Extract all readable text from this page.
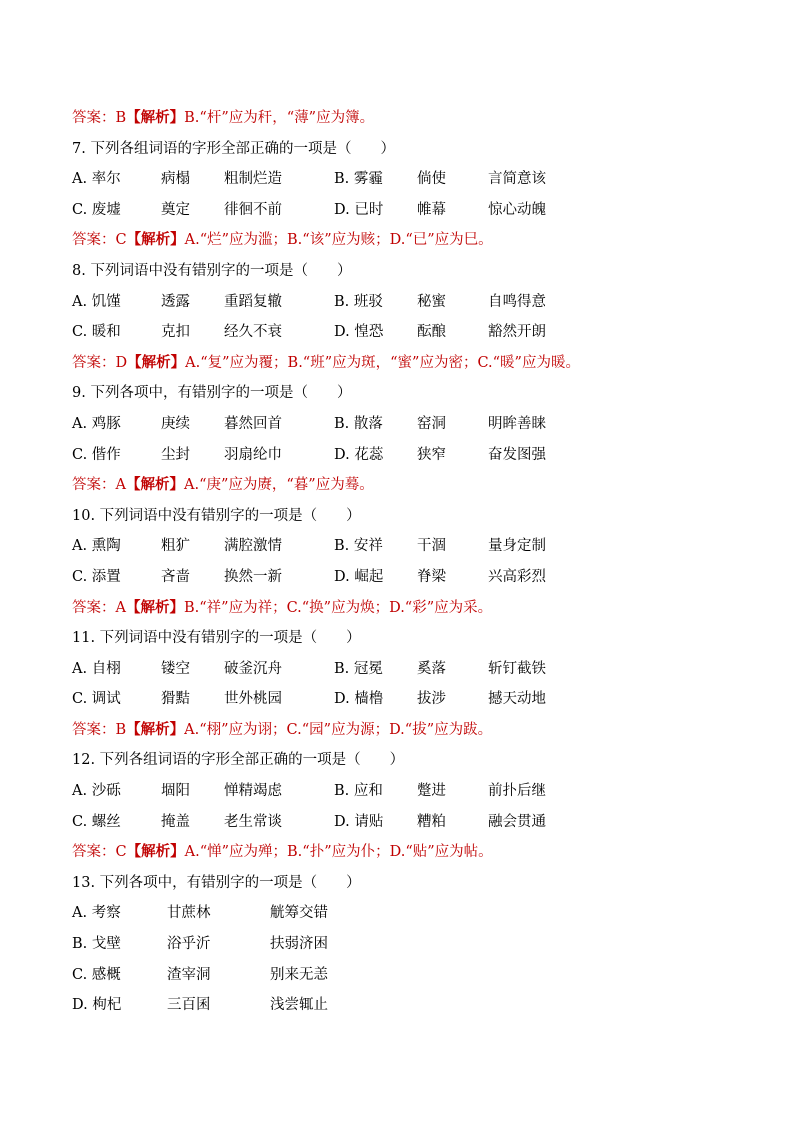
答案：B【解析】B.“杆”应为秆，“薄”应为簿。
7. 下列各组词语的字形全部正确的一项是（　　）
A. 率尔	病榻 粗制烂造	B. 雾霾 倘使	言简意该
C. 废墟	奠定 徘徊不前	D. 已时 帷幕	惊心动魄
答案：C【解析】A.“烂”应为滥；B.“该”应为赅；D.“已”应为巳。
8. 下列词语中没有错别字的一项是（　　）
A. 饥馑	透露 重蹈复辙	B. 班驳 秘蜜	自鸣得意
C. 暖和	克扣 经久不衰	D. 惶恐 酝酿	豁然开朗
答案：D【解析】A.“复”应为覆；B.“班”应为斑，“蜜”应为密；C.“暖”应为暖。
9. 下列各项中，有错别字的一项是（　　）
A. 鸡豚	庚续 暮然回首	B. 散落 窑洞	明眸善睐
C. 偕作	尘封 羽扇纶巾	D. 花蕊 狭窄	奋发图强
答案：A【解析】A.“庚”应为赓，“暮”应为蓦。
10. 下列词语中没有错别字的一项是（　　）
A. 熏陶	粗犷 满腔激情	B. 安祥 干涸	量身定制
C. 添置	吝啬 换然一新	D. 崛起 脊梁	兴高彩烈
答案：A【解析】B.“祥”应为祥；C.“换”应为焕；D.“彩”应为采。
11. 下列词语中没有错别字的一项是（　　）
A. 自栩	镂空 破釜沉舟	B. 冠冕 奚落	斩钉截铁
C. 调试	猾黠 世外桃园	D. 樯橹 拔涉	撼天动地
答案：B【解析】A.“栩”应为诩；C.“园”应为源；D.“拔”应为跋。
12. 下列各组词语的字形全部正确的一项是（　　）
A. 沙砾	堌阳 惮精竭虑	B. 应和 蹩进	前扑后继
C. 螺丝	掩盖 老生常谈	D. 请贴 糟粕	融会贯通
答案：C【解析】A.“惮”应为殚；B.“扑”应为仆；D.“贴”应为帖。
13. 下列各项中，有错别字的一项是（　　）
A. 考察	甘蔗林	觥筹交错
B. 戈壁	浴乎沂	扶弱济困
C. 感概	渣宰洞	别来无恙
D. 枸杞	三百囷	浅尝辄止
